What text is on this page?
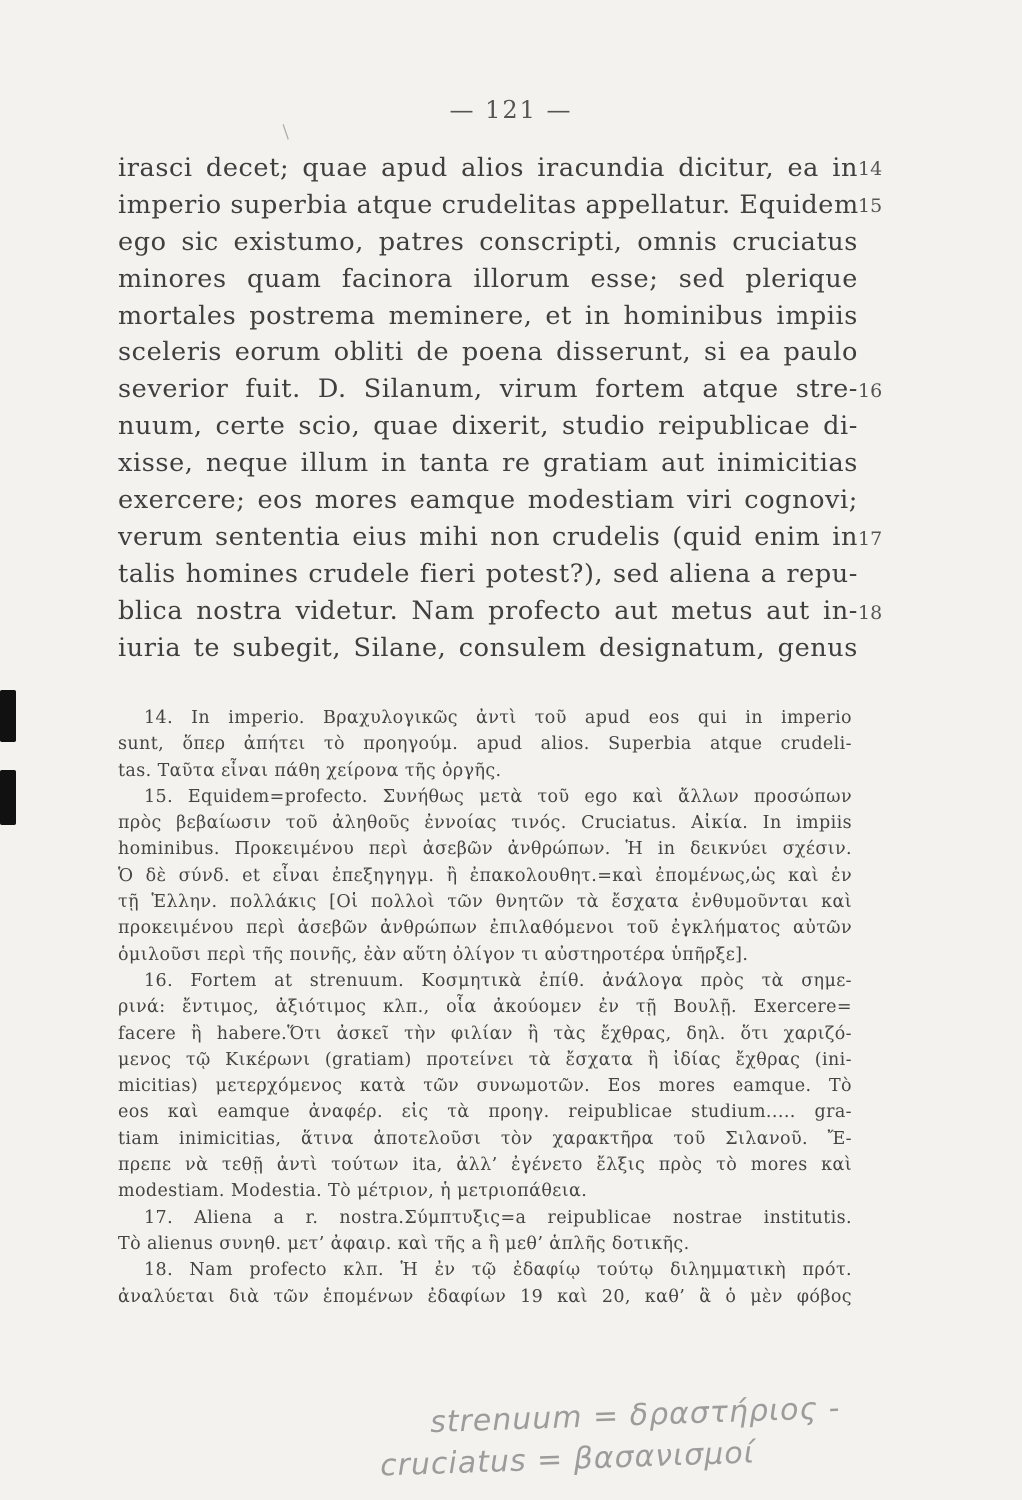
— 121 —
irasci decet; quae apud alios iracundia dicitur, ea in
imperio superbia atque crudelitas appellatur. Equidem
ego sic existumo, patres conscripti, omnis cruciatus
minores quam facinora illorum esse; sed plerique
mortales postrema meminere, et in hominibus impiis
sceleris eorum obliti de poena disserunt, si ea paulo
severior fuit. D. Silanum, virum fortem atque stre-
nuum, certe scio, quae dixerit, studio reipublicae di-
xisse, neque illum in tanta re gratiam aut inimicitias
exercere; eos mores eamque modestiam viri cognovi;
verum sententia eius mihi non crudelis (quid enim in
talis homines crudele fieri potest?), sed aliena a repu-
blica nostra videtur. Nam profecto aut metus aut in-
iuria te subegit, Silane, consulem designatum, genus
14
15
16
17
18
14. In imperio. Βραχυλογικῶς ἀντὶ τοῦ apud eos qui in imperio
sunt, ὅπερ ἀπήτει τὸ προηγούμ. apud alios. Superbia atque crudeli-
tas. Ταῦτα εἶναι πάθη χείρονα τῆς ὀργῆς.
15. Equidem=profecto. Συνήθως μετὰ τοῦ ego καὶ ἄλλων προσώπων
πρὸς βεβαίωσιν τοῦ ἀληθοῦς ἐννοίας τινός. Cruciatus. Αἰκία. In impiis
hominibus. Προκειμένου περὶ ἀσεβῶν ἀνθρώπων. Ἡ in δεικνύει σχέσιν.
Ὁ δὲ σύνδ. et εἶναι ἐπεξηγηγμ. ἢ ἐπακολουθητ.=καὶ ἐπομένως,ὡς καὶ ἐν
τῇ Ἑλλην. πολλάκις [Οἱ πολλοὶ τῶν θνητῶν τὰ ἔσχατα ἐνθυμοῦνται καὶ
προκειμένου περὶ ἀσεβῶν ἀνθρώπων ἐπιλαθόμενοι τοῦ ἐγκλήματος αὐτῶν
ὁμιλοῦσι περὶ τῆς ποινῆς, ἐὰν αὕτη ὀλίγον τι αὐστηροτέρα ὑπῆρξε].
16. Fortem at strenuum. Κοσμητικὰ ἐπίθ. ἀνάλογα πρὸς τὰ σημε-
ρινά: ἔντιμος, ἀξιότιμος κλπ., οἷα ἀκούομεν ἐν τῇ Βουλῇ. Exercere=
facere ἢ habere.Ὅτι ἀσκεῖ τὴν φιλίαν ἢ τὰς ἔχθρας, δηλ. ὅτι χαριζό-
μενος τῷ Κικέρωνι (gratiam) προτείνει τὰ ἔσχατα ἢ ἰδίας ἔχθρας (ini-
micitias) μετερχόμενος κατὰ τῶν συνωμοτῶν. Eos mores eamque. Τὸ
eos καὶ eamque ἀναφέρ. εἰς τὰ προηγ. reipublicae studium..... gra-
tiam inimicitias, ἅτινα ἀποτελοῦσι τὸν χαρακτῆρα τοῦ Σιλανοῦ. Ἔ-
πρεπε νὰ τεθῇ ἀντὶ τούτων ita, ἀλλ’ ἐγένετο ἔλξις πρὸς τὸ mores καὶ
modestiam. Modestia. Τὸ μέτριον, ἡ μετριοπάθεια.
17. Aliena a r. nostra.Σύμπτυξις=a reipublicae nostrae institutis.
Τὸ alienus συνηθ. μετ’ ἀφαιρ. καὶ τῆς a ἢ μεθ’ ἁπλῆς δοτικῆς.
18. Nam profecto κλπ. Ἡ ἐν τῷ ἐδαφίῳ τούτῳ διλημματικὴ πρότ.
ἀναλύεται διὰ τῶν ἑπομένων ἐδαφίων 19 καὶ 20, καθ’ ἃ ὁ μὲν φόβος
strenuum = δραστήριος -
cruciatus = βασανισμοί
⁄
